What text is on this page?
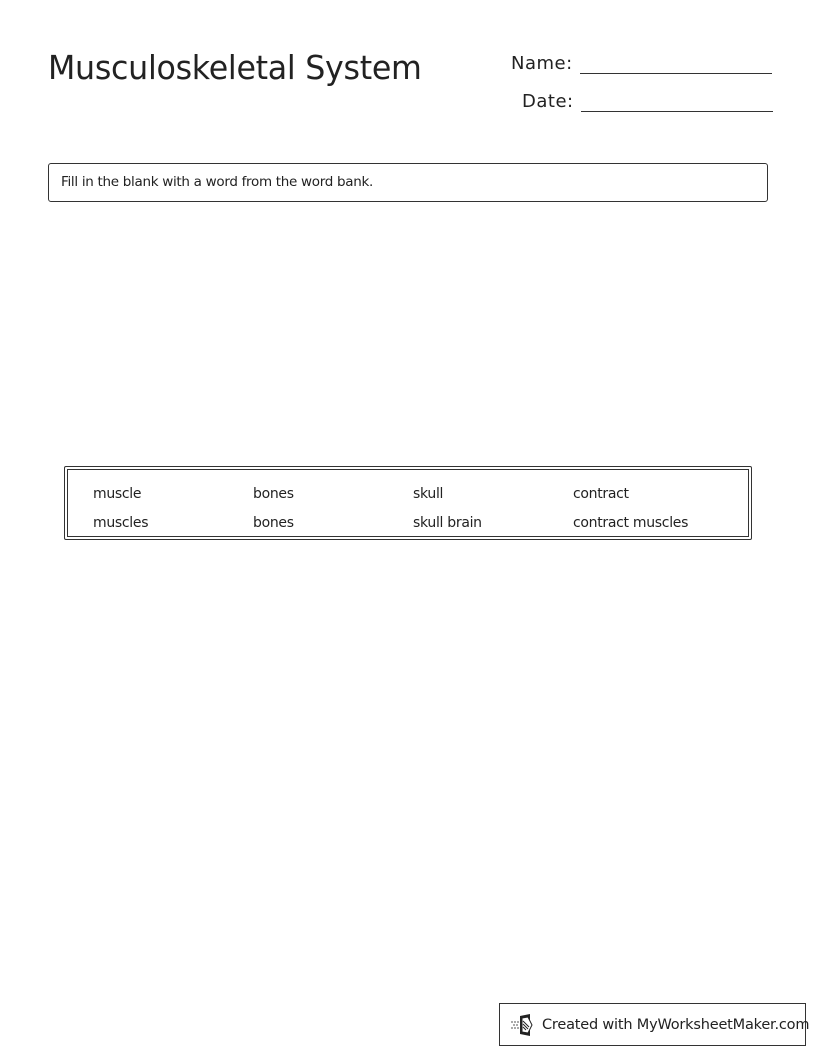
Musculoskeletal System	Name:
Date:
Fill in the blank with a word from the word bank.
muscle	bones	skull	contract
muscles	bones	skull brain	contract muscles
Created with MyWorksheetMaker.com
